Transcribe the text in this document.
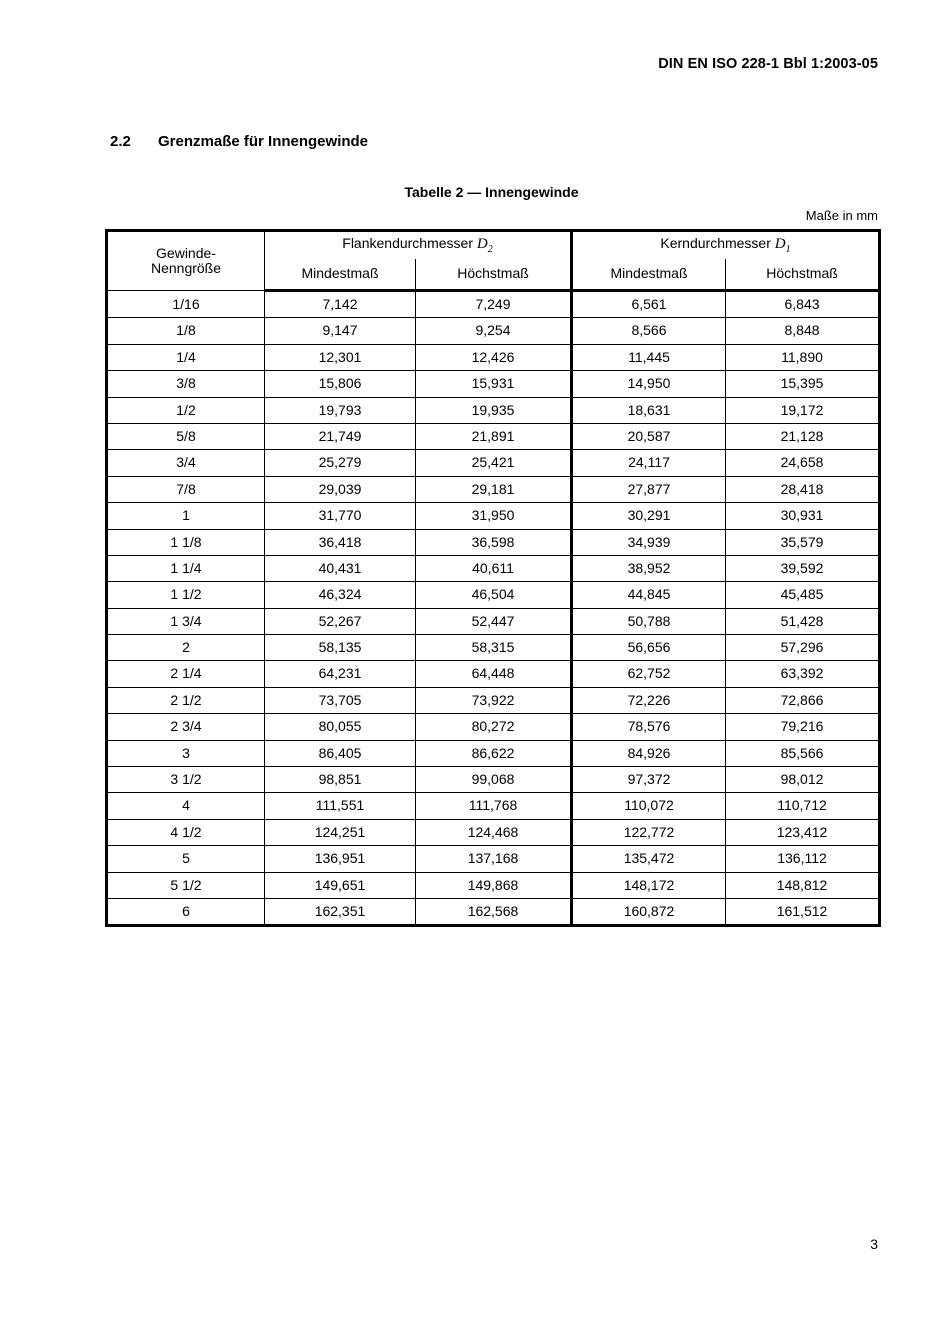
DIN EN ISO 228-1 Bbl 1:2003-05
2.2 Grenzmaße für Innengewinde
Tabelle 2 — Innengewinde
Maße in mm
Gewinde-
Nenngröße	Flankendurchmesser $D_2$		Kerndurchmesser $D_1$
	Mindestmaß	Höchstmaß	Mindestmaß	Höchstmaß
1/16	7,142	7,249	6,561	6,843
1/8	9,147	9,254	8,566	8,848
1/4	12,301	12,426	11,445	11,890
3/8	15,806	15,931	14,950	15,395
1/2	19,793	19,935	18,631	19,172
5/8	21,749	21,891	20,587	21,128
3/4	25,279	25,421	24,117	24,658
7/8	29,039	29,181	27,877	28,418
1	31,770	31,950	30,291	30,931
1 1/8	36,418	36,598	34,939	35,579
1 1/4	40,431	40,611	38,952	39,592
1 1/2	46,324	46,504	44,845	45,485
1 3/4	52,267	52,447	50,788	51,428
2	58,135	58,315	56,656	57,296
2 1/4	64,231	64,448	62,752	63,392
2 1/2	73,705	73,922	72,226	72,866
2 3/4	80,055	80,272	78,576	79,216
3	86,405	86,622	84,926	85,566
3 1/2	98,851	99,068	97,372	98,012
4	111,551	111,768	110,072	110,712
4 1/2	124,251	124,468	122,772	123,412
5	136,951	137,168	135,472	136,112
5 1/2	149,651	149,868	148,172	148,812
6	162,351	162,568	160,872	161,512
3
